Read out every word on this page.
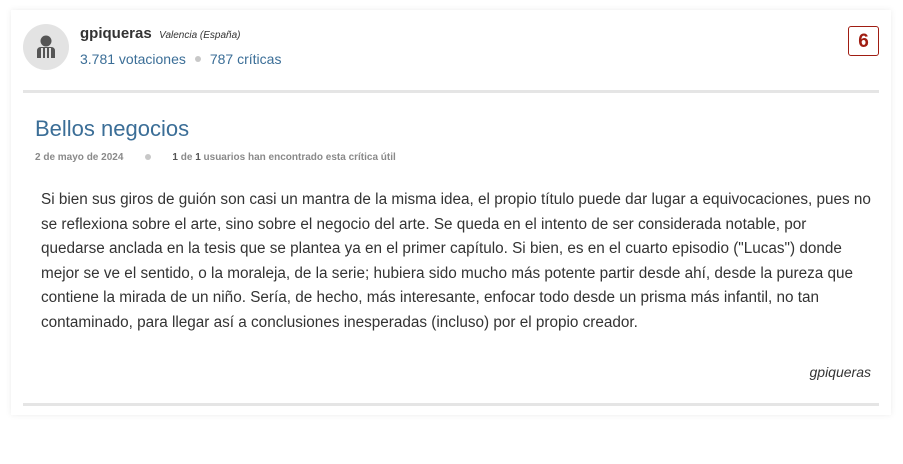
gpiqueras Valencia (España)
3.781 votaciones 787 críticas
6
Bellos negocios
2 de mayo de 2024	1 de 1 usuarios han encontrado esta crítica útil

Si bien sus giros de guión son casi un mantra de la misma idea, el propio título puede dar lugar a equivocaciones, pues no se reflexiona sobre el arte, sino sobre el negocio del arte. Se queda en el intento de ser considerada notable, por quedarse anclada en la tesis que se plantea ya en el primer capítulo. Si bien, es en el cuarto episodio ("Lucas") donde mejor se ve el sentido, o la moraleja, de la serie; hubiera sido mucho más potente partir desde ahí, desde la pureza que contiene la mirada de un niño. Sería, de hecho, más interesante, enfocar todo desde un prisma más infantil, no tan contaminado, para llegar así a conclusiones inesperadas (incluso) por el propio creador.

gpiqueras
